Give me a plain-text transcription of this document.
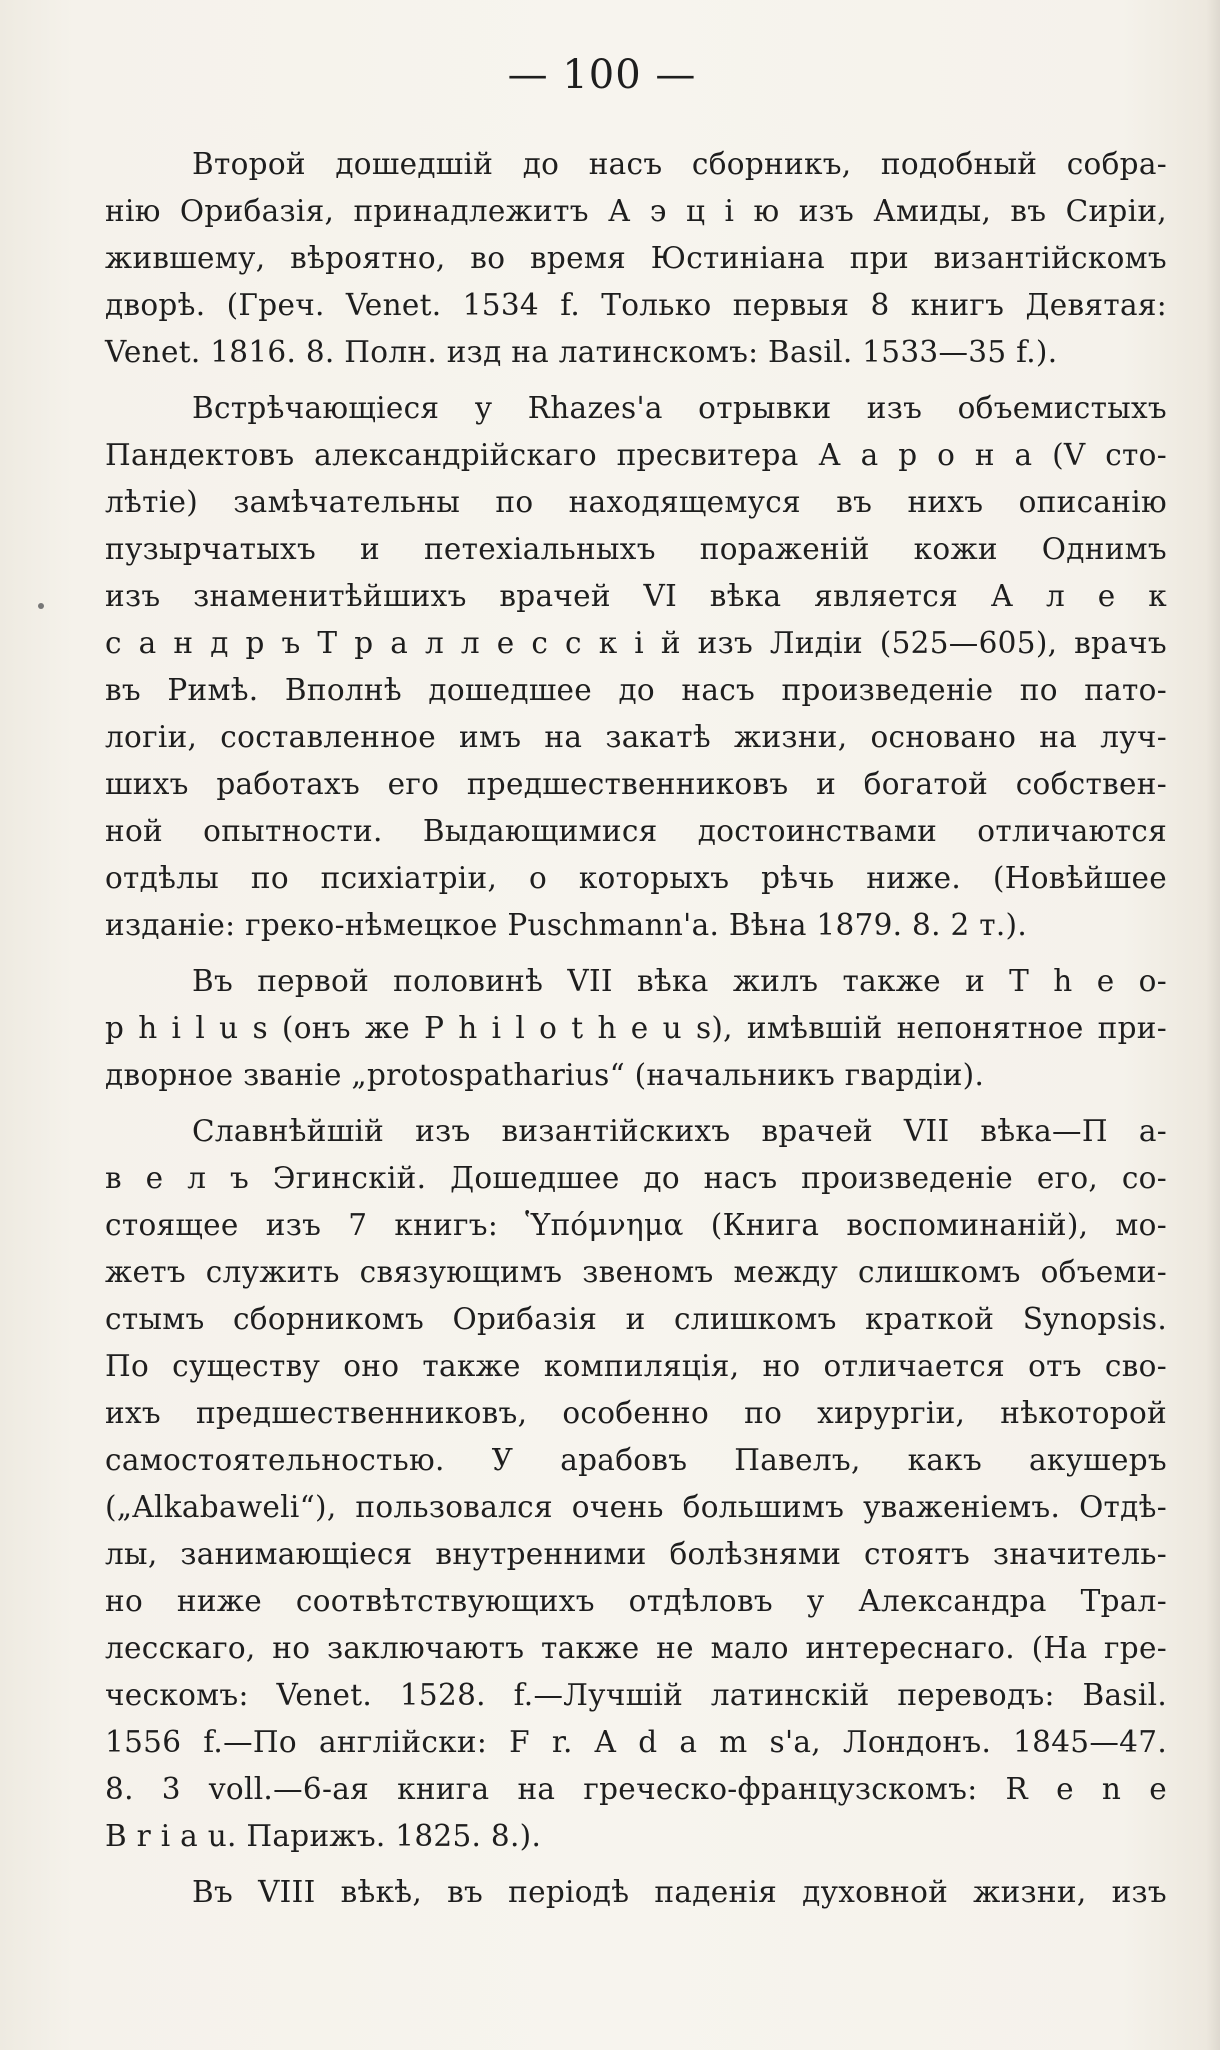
— 100 —
Второй дошедшiй до насъ сборникъ, подобный собра-
нiю Орибазiя, принадлежитъ А э ц i ю изъ Амиды, въ Сирiи,
жившему, вѣроятно, во время Юстинiана при византiйскомъ
дворѣ. (Греч. Venet. 1534 f. Только первыя 8 книгъ Девятая:
Venet. 1816. 8. Полн. изд на латинскомъ: Basil. 1533—35 f.).
Встрѣчающiеся у Rhazes'a отрывки изъ объемистыхъ
Пандектовъ александрiйскаго пресвитера А а р о н а (V сто-
лѣтiе) замѣчательны по находящемуся въ нихъ описанiю
пузырчатыхъ и петехiальныхъ пораженiй кожи Однимъ
изъ знаменитѣйшихъ врачей VI вѣка является А л е к
с а н д р ъ Т р а л л е с с к i й изъ Лидiи (525—605), врачъ
въ Римѣ. Вполнѣ дошедшее до насъ произведенiе по пато-
логiи, составленное имъ на закатѣ жизни, основано на луч-
шихъ работахъ его предшественниковъ и богатой собствен-
ной опытности. Выдающимися достоинствами отличаются
отдѣлы по психiатрiи, о которыхъ рѣчь ниже. (Новѣйшее
изданiе: греко-нѣмецкое Puschmann'a. Вѣна 1879. 8. 2 т.).
Въ первой половинѣ VII вѣка жилъ также и T h e o-
p h i l u s (онъ же P h i l o t h e u s), имѣвшiй непонятное при-
дворное званiе „protospatharius“ (начальникъ гвардiи).
Славнѣйшiй изъ византiйскихъ врачей VII вѣка—П а-
в е л ъ Эгинскiй. Дошедшее до насъ произведенiе его, со-
стоящее изъ 7 книгъ: Ὑπόμνημα (Книга воспоминанiй), мо-
жетъ служить связующимъ звеномъ между слишкомъ объеми-
стымъ сборникомъ Орибазiя и слишкомъ краткой Synopsis.
По существу оно также компиляцiя, но отличается отъ сво-
ихъ предшественниковъ, особенно по хирургiи, нѣкоторой
самостоятельностью. У арабовъ Павелъ, какъ акушеръ
(„Alkabaweli“), пользовался очень большимъ уваженiемъ. Отдѣ-
лы, занимающiеся внутренними болѣзнями стоятъ значитель-
но ниже соотвѣтствующихъ отдѣловъ у Александра Трал-
лесскаго, но заключаютъ также не мало интереснаго. (На гре-
ческомъ: Venet. 1528. f.—Лучшiй латинскiй переводъ: Basil.
1556 f.—По англiйски: F r. A d a m s'a, Лондонъ. 1845—47.
8. 3 voll.—6-ая книга на греческо-французскомъ: R e n e
B r i a u. Парижъ. 1825. 8.).
Въ VIII вѣкѣ, въ перiодѣ паденiя духовной жизни, изъ
